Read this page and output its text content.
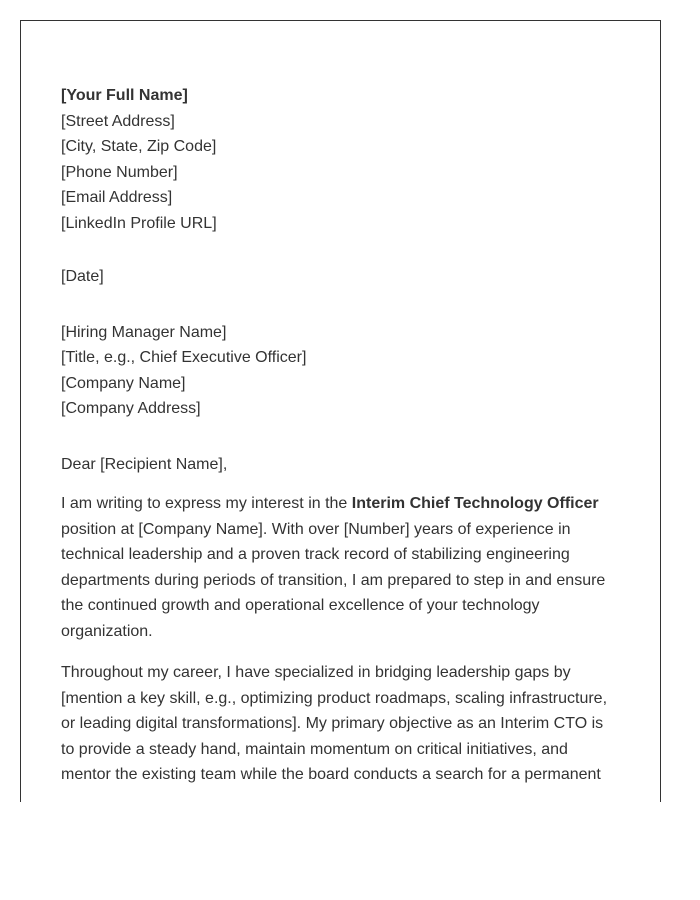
[Your Full Name]
[Street Address]
[City, State, Zip Code]
[Phone Number]
[Email Address]
[LinkedIn Profile URL]
[Date]
[Hiring Manager Name]
[Title, e.g., Chief Executive Officer]
[Company Name]
[Company Address]
Dear [Recipient Name],

I am writing to express my interest in the Interim Chief Technology Officer position at [Company Name]. With over [Number] years of experience in technical leadership and a proven track record of stabilizing engineering departments during periods of transition, I am prepared to step in and ensure the continued growth and operational excellence of your technology organization.

Throughout my career, I have specialized in bridging leadership gaps by [mention a key skill, e.g., optimizing product roadmaps, scaling infrastructure, or leading digital transformations]. My primary objective as an Interim CTO is to provide a steady hand, maintain momentum on critical initiatives, and mentor the existing team while the board conducts a search for a permanent
